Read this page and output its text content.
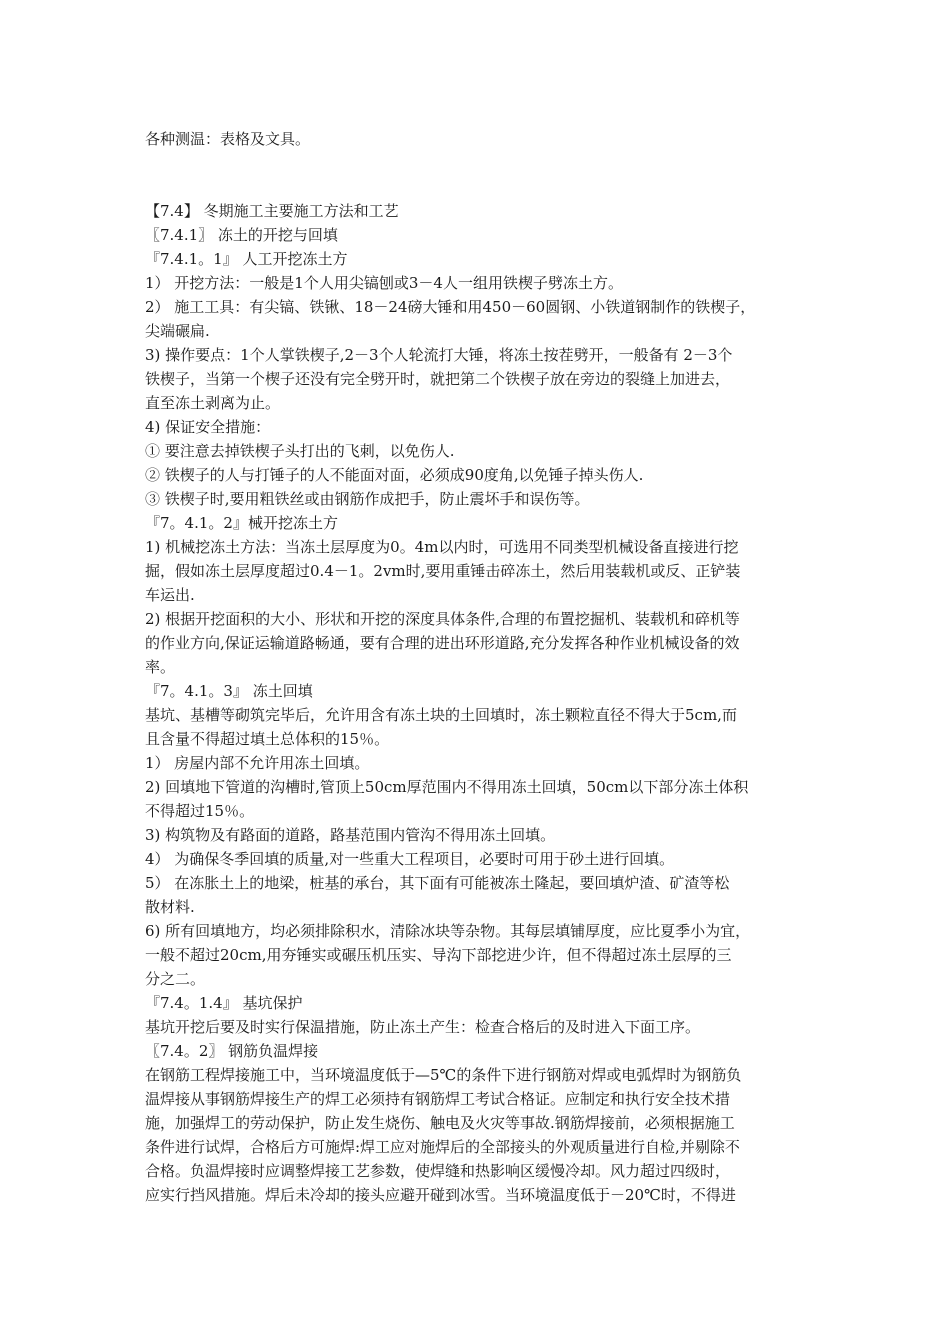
各种测温：表格及文具。

【7.4】 冬期施工主要施工方法和工艺

〖7.4.1〗 冻土的开挖与回填

『7.4.1。1』 人工开挖冻土方

1） 开挖方法：一般是1个人用尖镐刨或3－4人一组用铁楔子劈冻土方。

2） 施工工具：有尖镐、铁锹、18－24磅大锤和用450－60圆钢、小铁道钢制作的铁楔子，

尖端碾扁.

3) 操作要点：1个人掌铁楔子,2－3个人轮流打大锤，将冻土按茬劈开，一般备有 2－3个

铁楔子，当第一个楔子还没有完全劈开时，就把第二个铁楔子放在旁边的裂缝上加进去，

直至冻土剥离为止。

4) 保证安全措施：

① 要注意去掉铁楔子头打出的飞刺，以免伤人.

② 铁楔子的人与打锤子的人不能面对面，必须成90度角,以免锤子掉头伤人.

③ 铁楔子时,要用粗铁丝或由钢筋作成把手，防止震坏手和误伤等。

『7。4.1。2』械开挖冻土方

1) 机械挖冻土方法：当冻土层厚度为0。4m以内时，可选用不同类型机械设备直接进行挖

掘，假如冻土层厚度超过0.4－1。2vm时,要用重锤击碎冻土，然后用装载机或反、正铲装

车运出.

2) 根据开挖面积的大小、形状和开挖的深度具体条件,合理的布置挖掘机、装载机和碎机等

的作业方向,保证运输道路畅通，要有合理的进出环形道路,充分发挥各种作业机械设备的效

率。

『7。4.1。3』 冻土回填

基坑、基槽等砌筑完毕后，允许用含有冻土块的土回填时，冻土颗粒直径不得大于5cm,而

且含量不得超过填土总体积的15％。

1） 房屋内部不允许用冻土回填。

2) 回填地下管道的沟槽时,管顶上50cm厚范围内不得用冻土回填，50cm以下部分冻土体积

不得超过15％。

3) 构筑物及有路面的道路，路基范围内管沟不得用冻土回填。

4） 为确保冬季回填的质量,对一些重大工程项目，必要时可用于砂土进行回填。

5） 在冻胀土上的地梁，桩基的承台，其下面有可能被冻土隆起，要回填炉渣、矿渣等松

散材料.

6) 所有回填地方，均必须排除积水，清除冰块等杂物。其每层填铺厚度，应比夏季小为宜，

一般不超过20cm,用夯锤实或碾压机压实、导沟下部挖进少许，但不得超过冻土层厚的三

分之二。

『7.4。1.4』 基坑保护

基坑开挖后要及时实行保温措施，防止冻土产生：检查合格后的及时进入下面工序。

〖7.4。2〗 钢筋负温焊接

在钢筋工程焊接施工中，当环境温度低于—5℃的条件下进行钢筋对焊或电弧焊时为钢筋负

温焊接从事钢筋焊接生产的焊工必须持有钢筋焊工考试合格证。应制定和执行安全技术措

施，加强焊工的劳动保护，防止发生烧伤、触电及火灾等事故.钢筋焊接前，必须根据施工

条件进行试焊，合格后方可施焊:焊工应对施焊后的全部接头的外观质量进行自检,并剔除不

合格。负温焊接时应调整焊接工艺参数，使焊缝和热影响区缓慢冷却。风力超过四级时，

应实行挡风措施。焊后未冷却的接头应避开碰到冰雪。当环境温度低于－20℃时，不得进
